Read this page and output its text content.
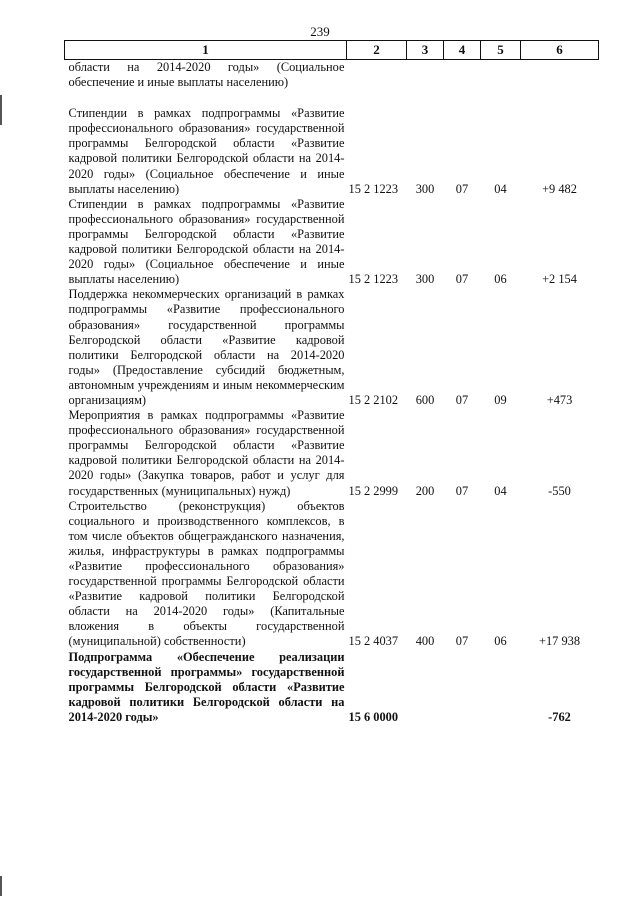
239
1	2	3	4	5	6
области на 2014-2020 годы» (Социальное обеспечение и иные выплаты населению)					

Стипендии в рамках подпрограммы «Развитие профессионального образования» государственной программы Белгородской области «Развитие кадровой политики Белгородской области на 2014-2020 годы» (Социальное обеспечение и иные выплаты населению)	15 2 1223	300	07	04	+9 482
Стипендии в рамках подпрограммы «Развитие профессионального образования» государственной программы Белгородской области «Развитие кадровой политики Белгородской области на 2014-2020 годы» (Социальное обеспечение и иные выплаты населению)	15 2 1223	300	07	06	+2 154
Поддержка некоммерческих организаций в рамках подпрограммы «Развитие профессионального образования» государственной программы Белгородской области «Развитие кадровой политики Белгородской области на 2014-2020 годы» (Предоставление субсидий бюджетным, автономным учреждениям и иным некоммерческим организациям)	15 2 2102	600	07	09	+473
Мероприятия в рамках подпрограммы «Развитие профессионального образования» государственной программы Белгородской области «Развитие кадровой политики Белгородской области на 2014-2020 годы» (Закупка товаров, работ и услуг для государственных (муниципальных) нужд)	15 2 2999	200	07	04	-550
Строительство (реконструкция) объектов социального и производственного комплексов, в том числе объектов общегражданского назначения, жилья, инфраструктуры в рамках подпрограммы «Развитие профессионального образования» государственной программы Белгородской области «Развитие кадровой политики Белгородской области на 2014-2020 годы» (Капитальные вложения в объекты государственной (муниципальной) собственности)	15 2 4037	400	07	06	+17 938
Подпрограмма «Обеспечение реализации государственной программы» государственной программы Белгородской области «Развитие кадровой политики Белгородской области на 2014-2020 годы»	15 6 0000				-762
